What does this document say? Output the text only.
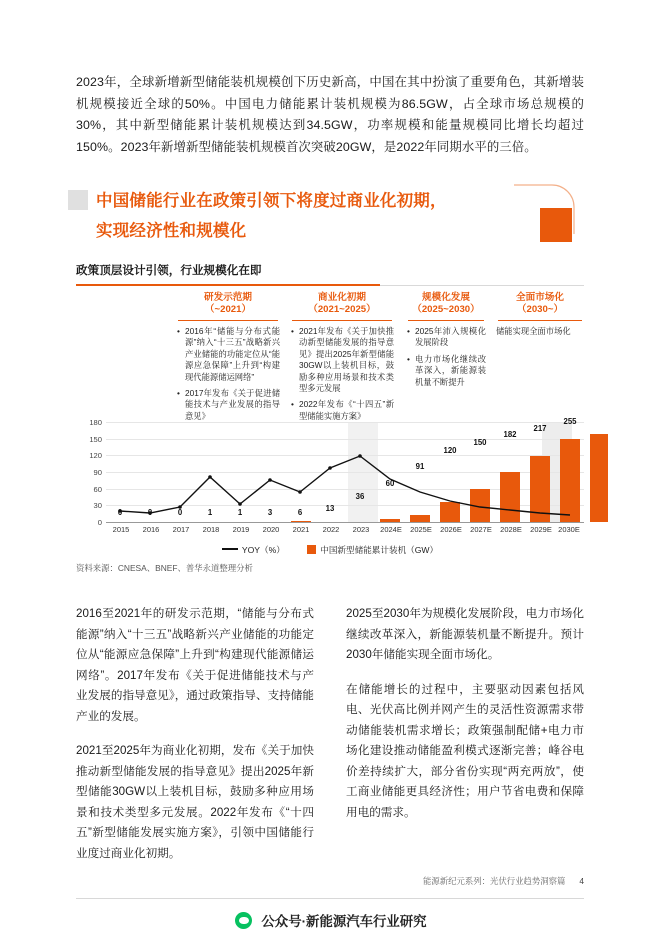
2023年，全球新增新型储能装机规模创下历史新高，中国在其中扮演了重要角色，其新增装机规模接近全球的50%。中国电力储能累计装机规模为86.5GW，占全球市场总规模的30%，其中新型储能累计装机规模达到34.5GW，功率规模和能量规模同比增长均超过150%。2023年新增新型储能装机规模首次突破20GW，是2022年同期水平的三倍。
中国储能行业在政策引领下将度过商业化初期，
实现经济性和规模化
政策顶层设计引领，行业规模化在即
研发示范期
（~2021）
• 2016年“储能与分布式能源”纳入“十三五”战略新兴产业储能的功能定位从“能源应急保障”上升到“构建现代能源储运网络”
• 2017年发布《关于促进储能技术与产业发展的指导意见》
商业化初期
（2021~2025）
• 2021年发布《关于加快推动新型储能发展的指导意见》提出2025年新型储能30GW以上装机目标，鼓励多种应用场景和技术类型多元发展
• 2022年发布《“十四五”新型储能实施方案》
规模化发展
（2025~2030）
• 2025年沛入规模化发展阶段
• 电力市场化继续改革深入，新能源装机量不断提升
全面市场化
（2030~）
储能实现全面市场化
180
150
120
90
60
30
0
0	0	0	1	1	3	6	13
36
60
91
120
150
182
217
255
2015	2016	2017	2018	2019	2020	2021	2022	2023	2024E	2025E	2026E	2027E	2028E	2029E 2030E
YOY（%）	中国新型储能累计装机（GW）
资料来源：CNESA、BNEF、普华永道整理分析

2016至2021年的研发示范期，“储能与分布式能源”纳入“十三五”战略新兴产业储能的功能定位从“能源应急保障”上升到“构建现代能源储运网络”。2017年发布《关于促进储能技术与产业发展的指导意见》，通过政策指导、支持储能产业的发展。

2021至2025年为商业化初期，发布《关于加快推动新型储能发展的指导意见》提出2025年新型储能30GW以上装机目标，鼓励多种应用场景和技术类型多元发展。2022年发布《“十四五”新型储能发展实施方案》，引领中国储能行业度过商业化初期。

2025至2030年为规模化发展阶段，电力市场化继续改革深入，新能源装机量不断提升。预计2030年储能实现全面市场化。

在储能增长的过程中，主要驱动因素包括风电、光伏高比例并网产生的灵活性资源需求带动储能装机需求增长；政策强制配储+电力市场化建设推动储能盈利模式逐渐完善；峰谷电价差持续扩大，部分省份实现“两充两放”，使工商业储能更具经济性；用户节省电费和保障用电的需求。

能源新纪元系列：光伏行业趋势洞察篇 4
公众号·新能源汽车行业研究
